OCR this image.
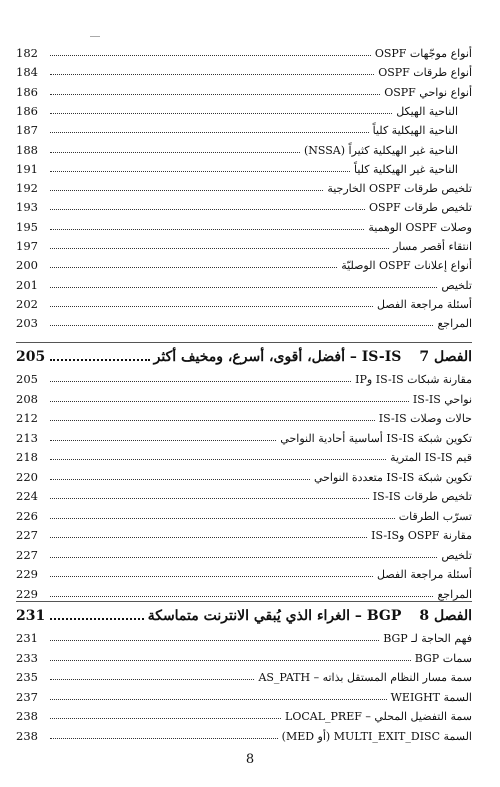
182	أنواع موجّهات OSPF
184	أنواع طرقات OSPF
186	أنواع نواحي OSPF
186	الناحية الهيكل
187	الناحية الهيكلية كلياً
188	الناحية غير الهيكلية كثيراً (NSSA)
191	الناحية غير الهيكلية كلياً
192	تلخيص طرقات OSPF الخارجية
193	تلخيص طرقات OSPF
195	وصلات OSPF الوهمية
197	انتقاء أقصر مسار
200	أنواع إعلانات OSPF الوصليّة
201	تلخيص
202	أسئلة مراجعة الفصل
203	المراجع
205	IS-IS – أفضل، أقوى، أسرع، ومخيف أكثر الفصل 7
205	مقارنة شبكات IS-IS وIP
208	نواحي IS-IS
212	حالات وصلات IS-IS
213	تكوين شبكة IS-IS أساسية أحادية النواحي
218	قيم IS-IS المترية
220	تكوين شبكة IS-IS متعددة النواحي
224	تلخيص طرقات IS-IS
226	تسرّب الطرقات
227	مقارنة OSPF وIS-IS
227	تلخيص
229	أسئلة مراجعة الفصل
229	المراجع
231	BGP – الغراء الذي يُبقي الانترنت متماسكة الفصل 8
231	فهم الحاجة لـ BGP
233	سمات BGP
235	سمة مسار النظام المستقل بذاته – AS_PATH
237	السمة WEIGHT
238	سمة التفضيل المحلي – LOCAL_PREF
238	السمة MULTI_EXIT_DISC (أو MED)
8
